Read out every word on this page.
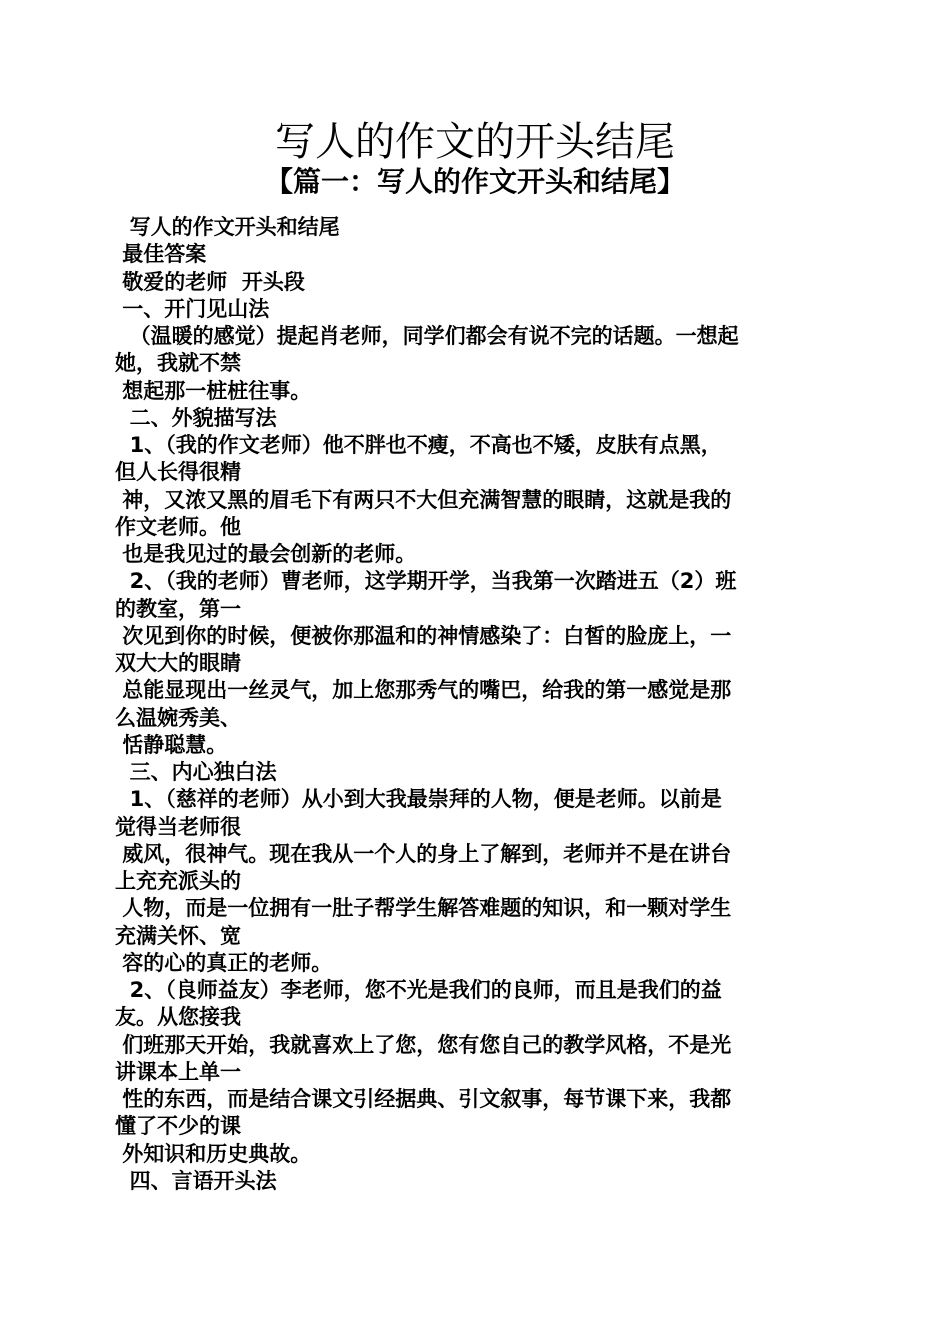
写人的作文的开头结尾
【篇一：写人的作文开头和结尾】
写人的作文开头和结尾
最佳答案
敬爱的老师  开头段
一、开门见山法
（温暖的感觉）提起肖老师，同学们都会有说不完的话题。一想起
她，我就不禁
想起那一桩桩往事。
二、外貌描写法
1、（我的作文老师）他不胖也不瘦，不高也不矮，皮肤有点黑，
但人长得很精
神，又浓又黑的眉毛下有两只不大但充满智慧的眼睛，这就是我的
作文老师。他
也是我见过的最会创新的老师。
2、（我的老师）曹老师，这学期开学，当我第一次踏进五（2）班
的教室，第一
次见到你的时候，便被你那温和的神情感染了：白皙的脸庞上，一
双大大的眼睛
总能显现出一丝灵气，加上您那秀气的嘴巴，给我的第一感觉是那
么温婉秀美、
恬静聪慧。
三、内心独白法
1、（慈祥的老师）从小到大我最崇拜的人物，便是老师。以前是
觉得当老师很
威风，很神气。现在我从一个人的身上了解到，老师并不是在讲台
上充充派头的
人物，而是一位拥有一肚子帮学生解答难题的知识，和一颗对学生
充满关怀、宽
容的心的真正的老师。
2、（良师益友）李老师，您不光是我们的良师，而且是我们的益
友。从您接我
们班那天开始，我就喜欢上了您，您有您自己的教学风格，不是光
讲课本上单一
性的东西，而是结合课文引经据典、引文叙事，每节课下来，我都
懂了不少的课
外知识和历史典故。
四、言语开头法
